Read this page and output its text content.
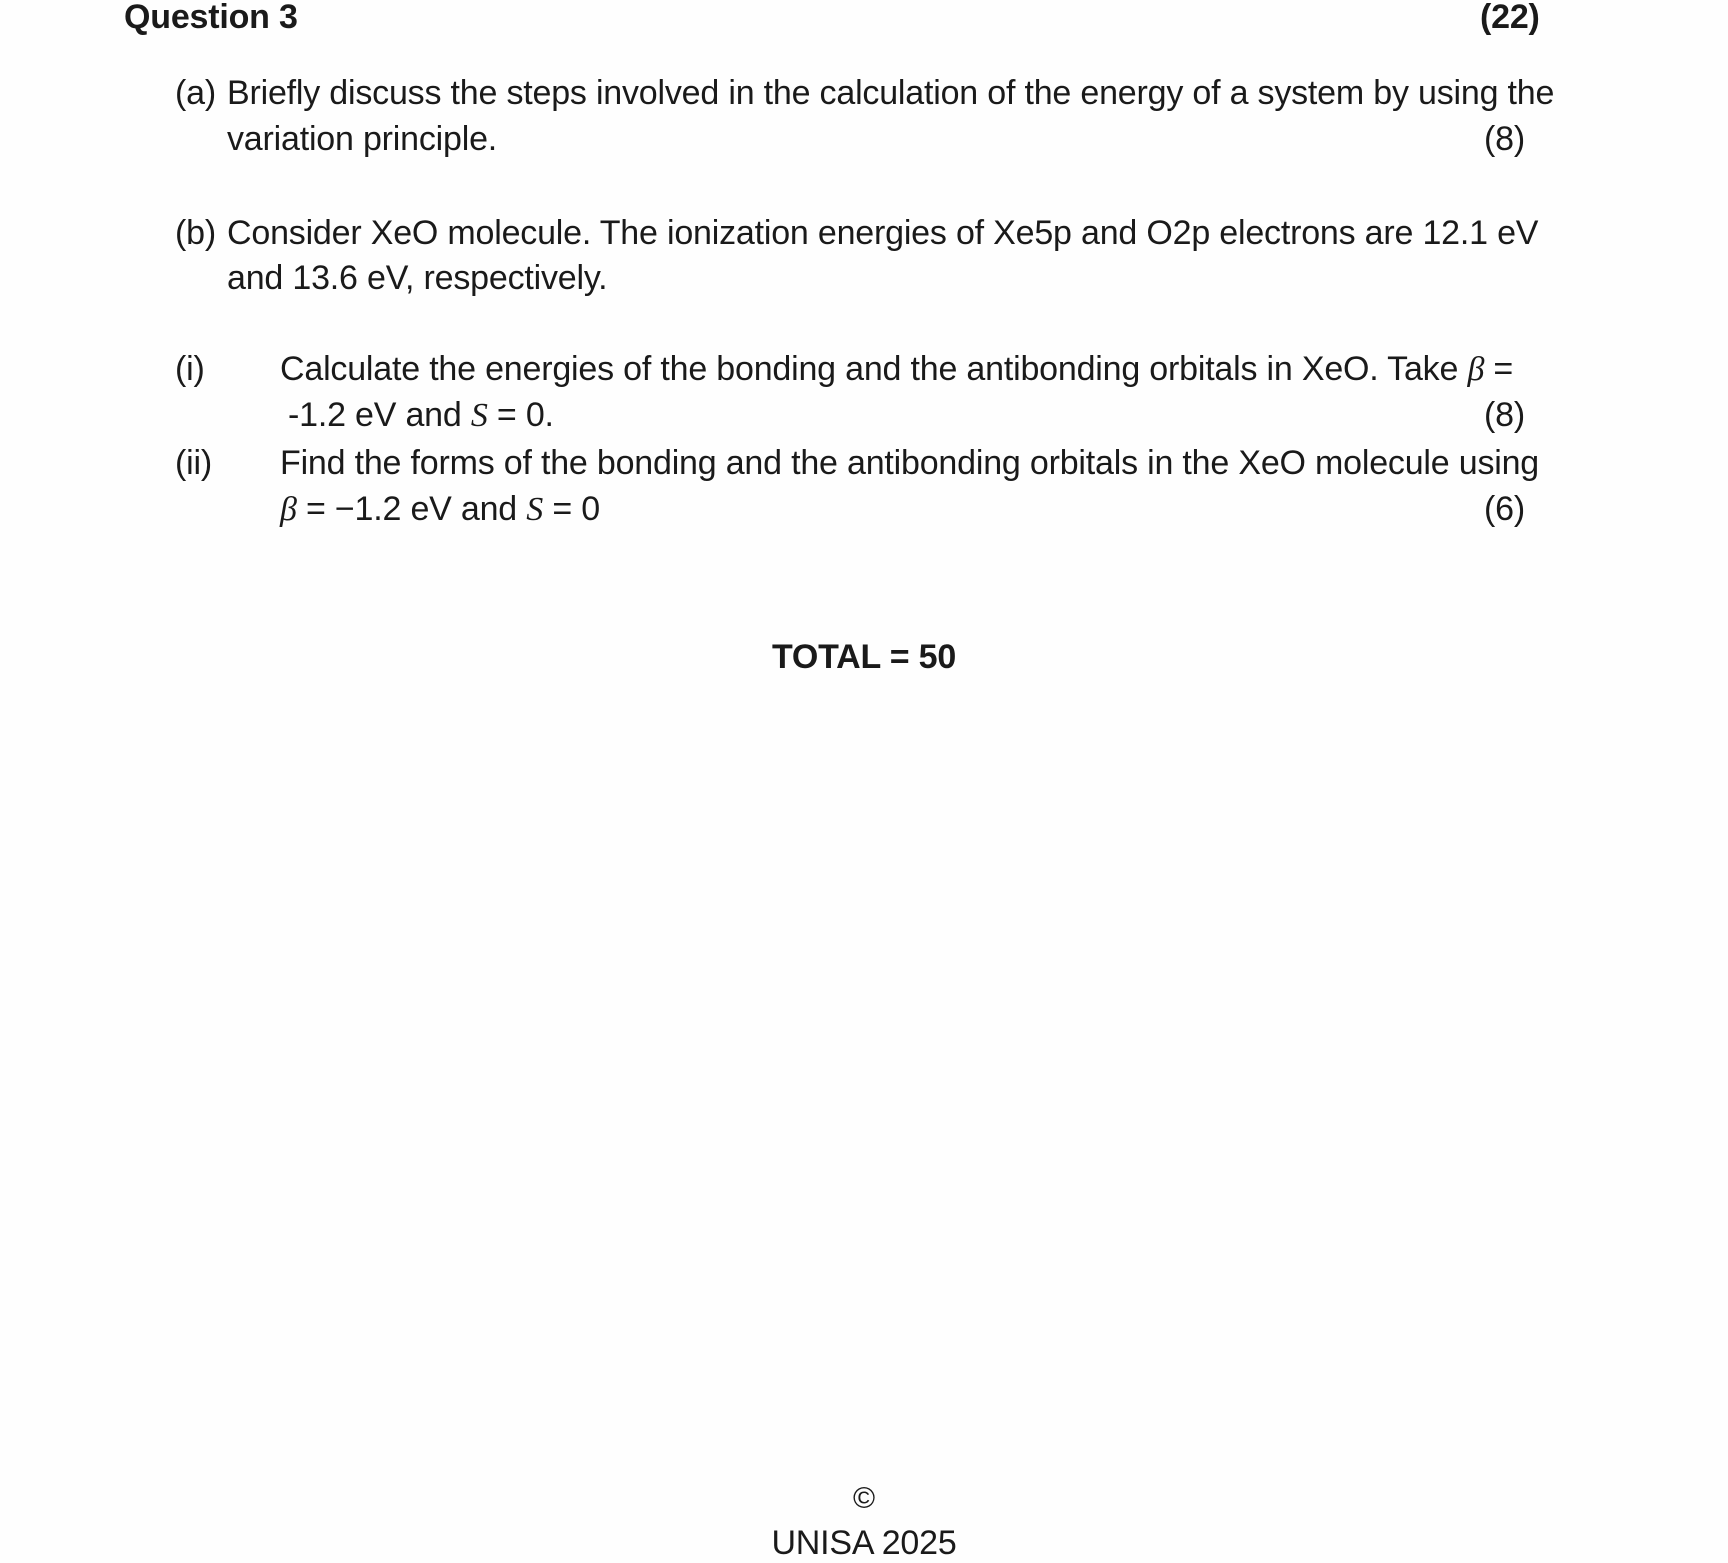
Question 3	(22)
(a) Briefly discuss the steps involved in the calculation of the energy of a system by using the
variation principle.	(8)
(b) Consider XeO molecule. The ionization energies of Xe5p and O2p electrons are 12.1 eV
and 13.6 eV, respectively.
(i) Calculate the energies of the bonding and the antibonding orbitals in XeO. Take β =
-1.2 eV and S = 0.	(8)
(ii) Find the forms of the bonding and the antibonding orbitals in the XeO molecule using
β = −1.2 eV and S = 0	(6)
TOTAL = 50
©
UNISA 2025
